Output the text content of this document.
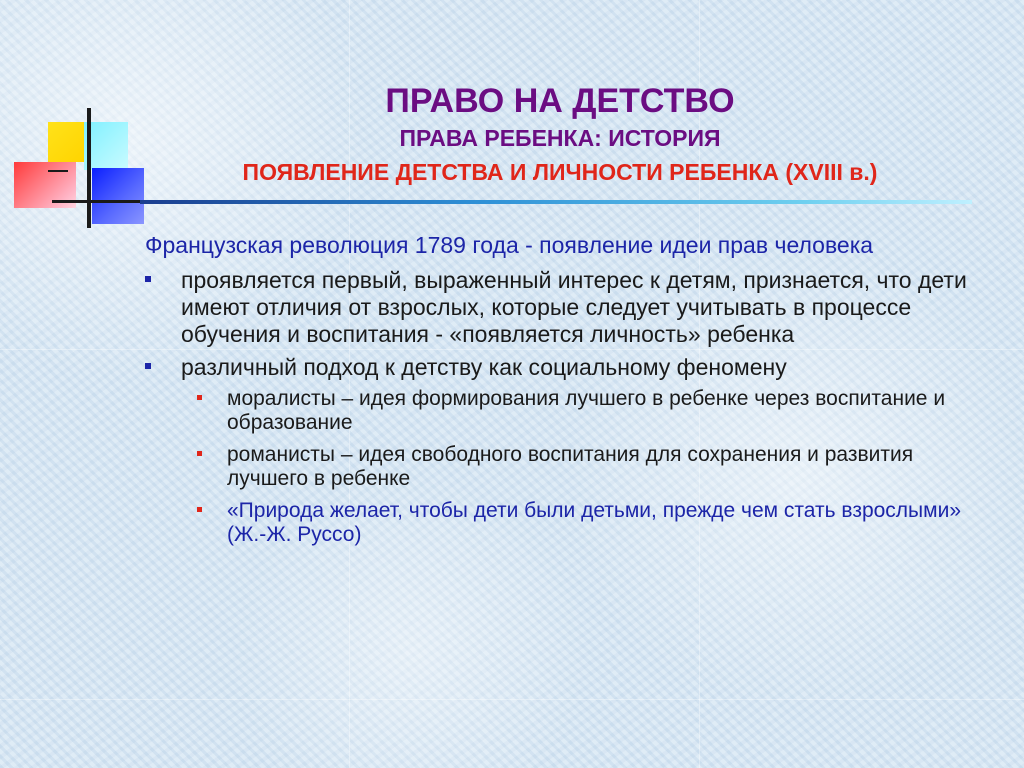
ПРАВО НА ДЕТСТВО
ПРАВА РЕБЕНКА: ИСТОРИЯ
ПОЯВЛЕНИЕ ДЕТСТВА И ЛИЧНОСТИ РЕБЕНКА (XVIII в.)
Французская революция 1789 года - появление идеи прав человека
проявляется первый, выраженный интерес к детям, признается, что дети имеют отличия от взрослых, которые следует учитывать в процессе обучения и воспитания - «появляется личность» ребенка
различный подход к детству как социальному феномену
моралисты – идея формирования лучшего в ребенке через воспитание и образование
романисты – идея свободного воспитания для сохранения и развития лучшего в ребенке
«Природа желает, чтобы дети были детьми, прежде чем стать взрослыми» (Ж.-Ж. Руссо)
